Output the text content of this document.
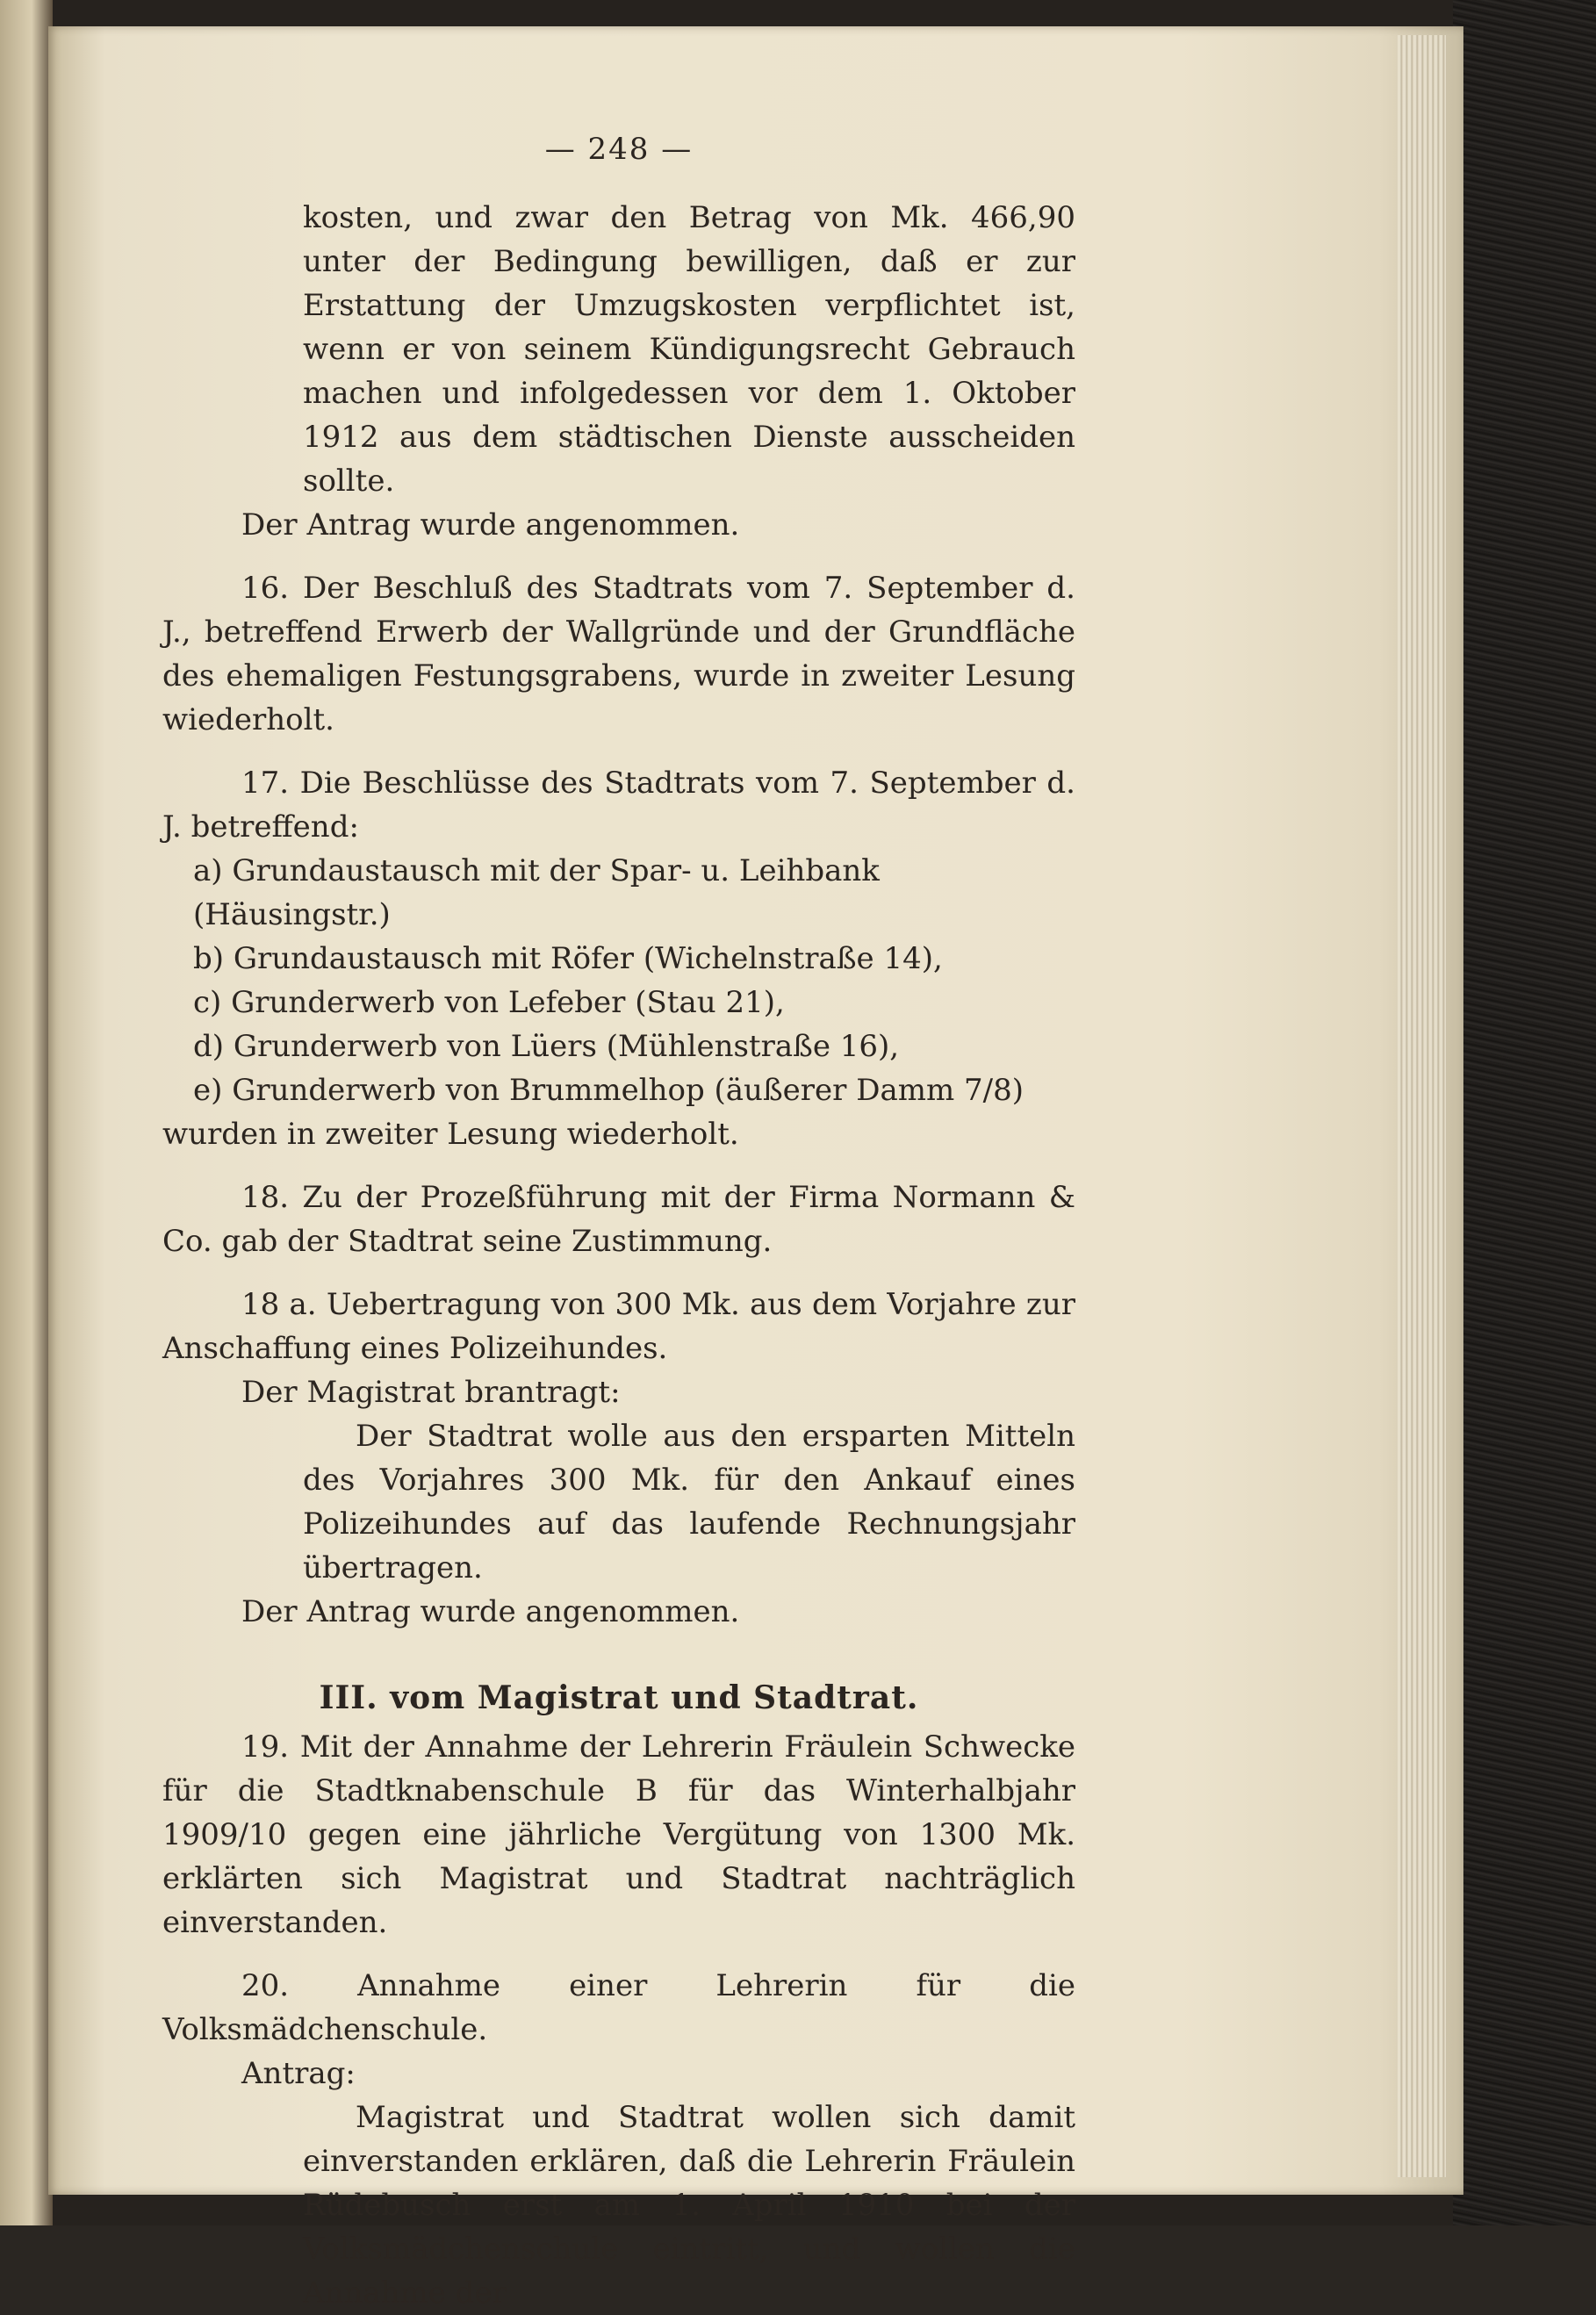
— 248 —

kosten, und zwar den Betrag von Mk. 466,90 unter der Bedingung bewilligen, daß er zur Erstattung der Umzugskosten verpflichtet ist, wenn er von seinem Kündigungsrecht Gebrauch machen und infolgedessen vor dem 1. Oktober 1912 aus dem städtischen Dienste ausscheiden sollte.

Der Antrag wurde angenommen.

16. Der Beschluß des Stadtrats vom 7. September d. J., betreffend Erwerb der Wallgründe und der Grundfläche des ehemaligen Festungsgrabens, wurde in zweiter Lesung wiederholt.

17. Die Beschlüsse des Stadtrats vom 7. September d. J. betreffend:

a) Grundaustausch mit der Spar- u. Leihbank (Häusingstr.)
b) Grundaustausch mit Röfer (Wichelnstraße 14),
c) Grunderwerb von Lefeber (Stau 21),
d) Grunderwerb von Lüers (Mühlenstraße 16),
e) Grunderwerb von Brummelhop (äußerer Damm 7/8)

wurden in zweiter Lesung wiederholt.

18. Zu der Prozeßführung mit der Firma Normann & Co. gab der Stadtrat seine Zustimmung.

18 a. Uebertragung von 300 Mk. aus dem Vorjahre zur Anschaffung eines Polizeihundes.

Der Magistrat brantragt:

Der Stadtrat wolle aus den ersparten Mitteln des Vorjahres 300 Mk. für den Ankauf eines Polizeihundes auf das laufende Rechnungsjahr übertragen.

Der Antrag wurde angenommen.

III. vom Magistrat und Stadtrat.

19. Mit der Annahme der Lehrerin Fräulein Schwecke für die Stadtknabenschule B für das Winterhalbjahr 1909/10 gegen eine jährliche Vergütung von 1300 Mk. erklärten sich Magistrat und Stadtrat nachträglich einverstanden.

20. Annahme einer Lehrerin für die Volksmädchenschule.

Antrag:

Magistrat und Stadtrat wollen sich damit einverstanden erklären, daß die Lehrerin Fräulein Rüdebusch erst am 1. April 1910 bei der Volksmädchenschule eintritt, und wollen die Annahme der
